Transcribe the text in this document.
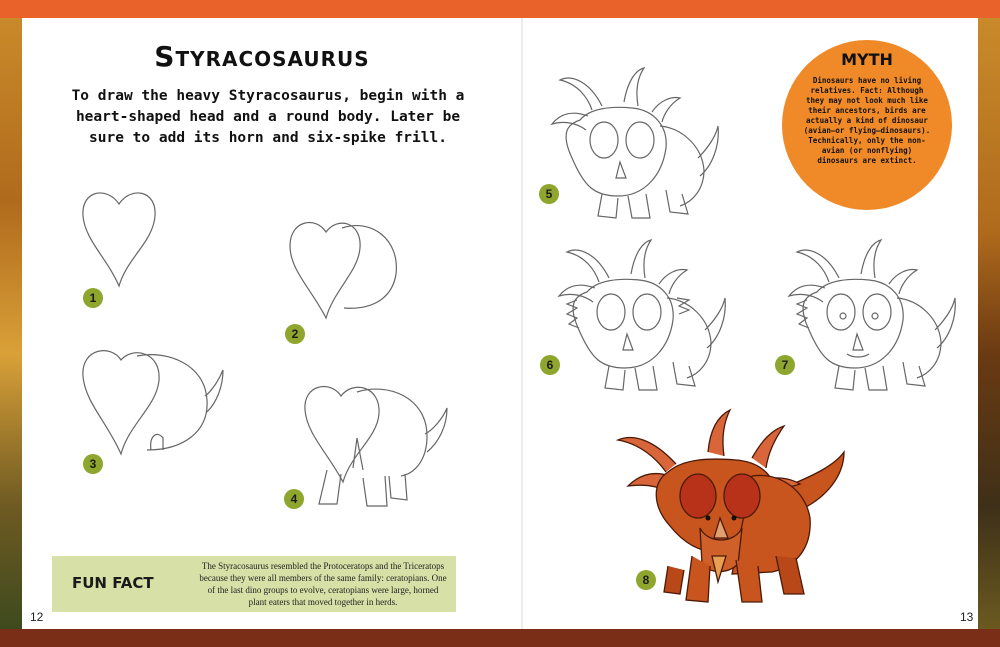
Styracosaurus
To draw the heavy Styracosaurus, begin with a heart-shaped head and a round body. Later be sure to add its horn and six-spike frill.
1
2
3
4
FUN FACT
The Styracosaurus resembled the Protoceratops and the Triceratops because they were all members of the same family: ceratopians. One of the last dino groups to evolve, ceratopians were large, horned plant eaters that moved together in herds.
12
5
6	7
8
MYTH
Dinosaurs have no living relatives. Fact: Although they may not look much like their ancestors, birds are actually a kind of dinosaur (avian—or flying—dinosaurs). Technically, only the non-avian (or nonflying) dinosaurs are extinct.
13
